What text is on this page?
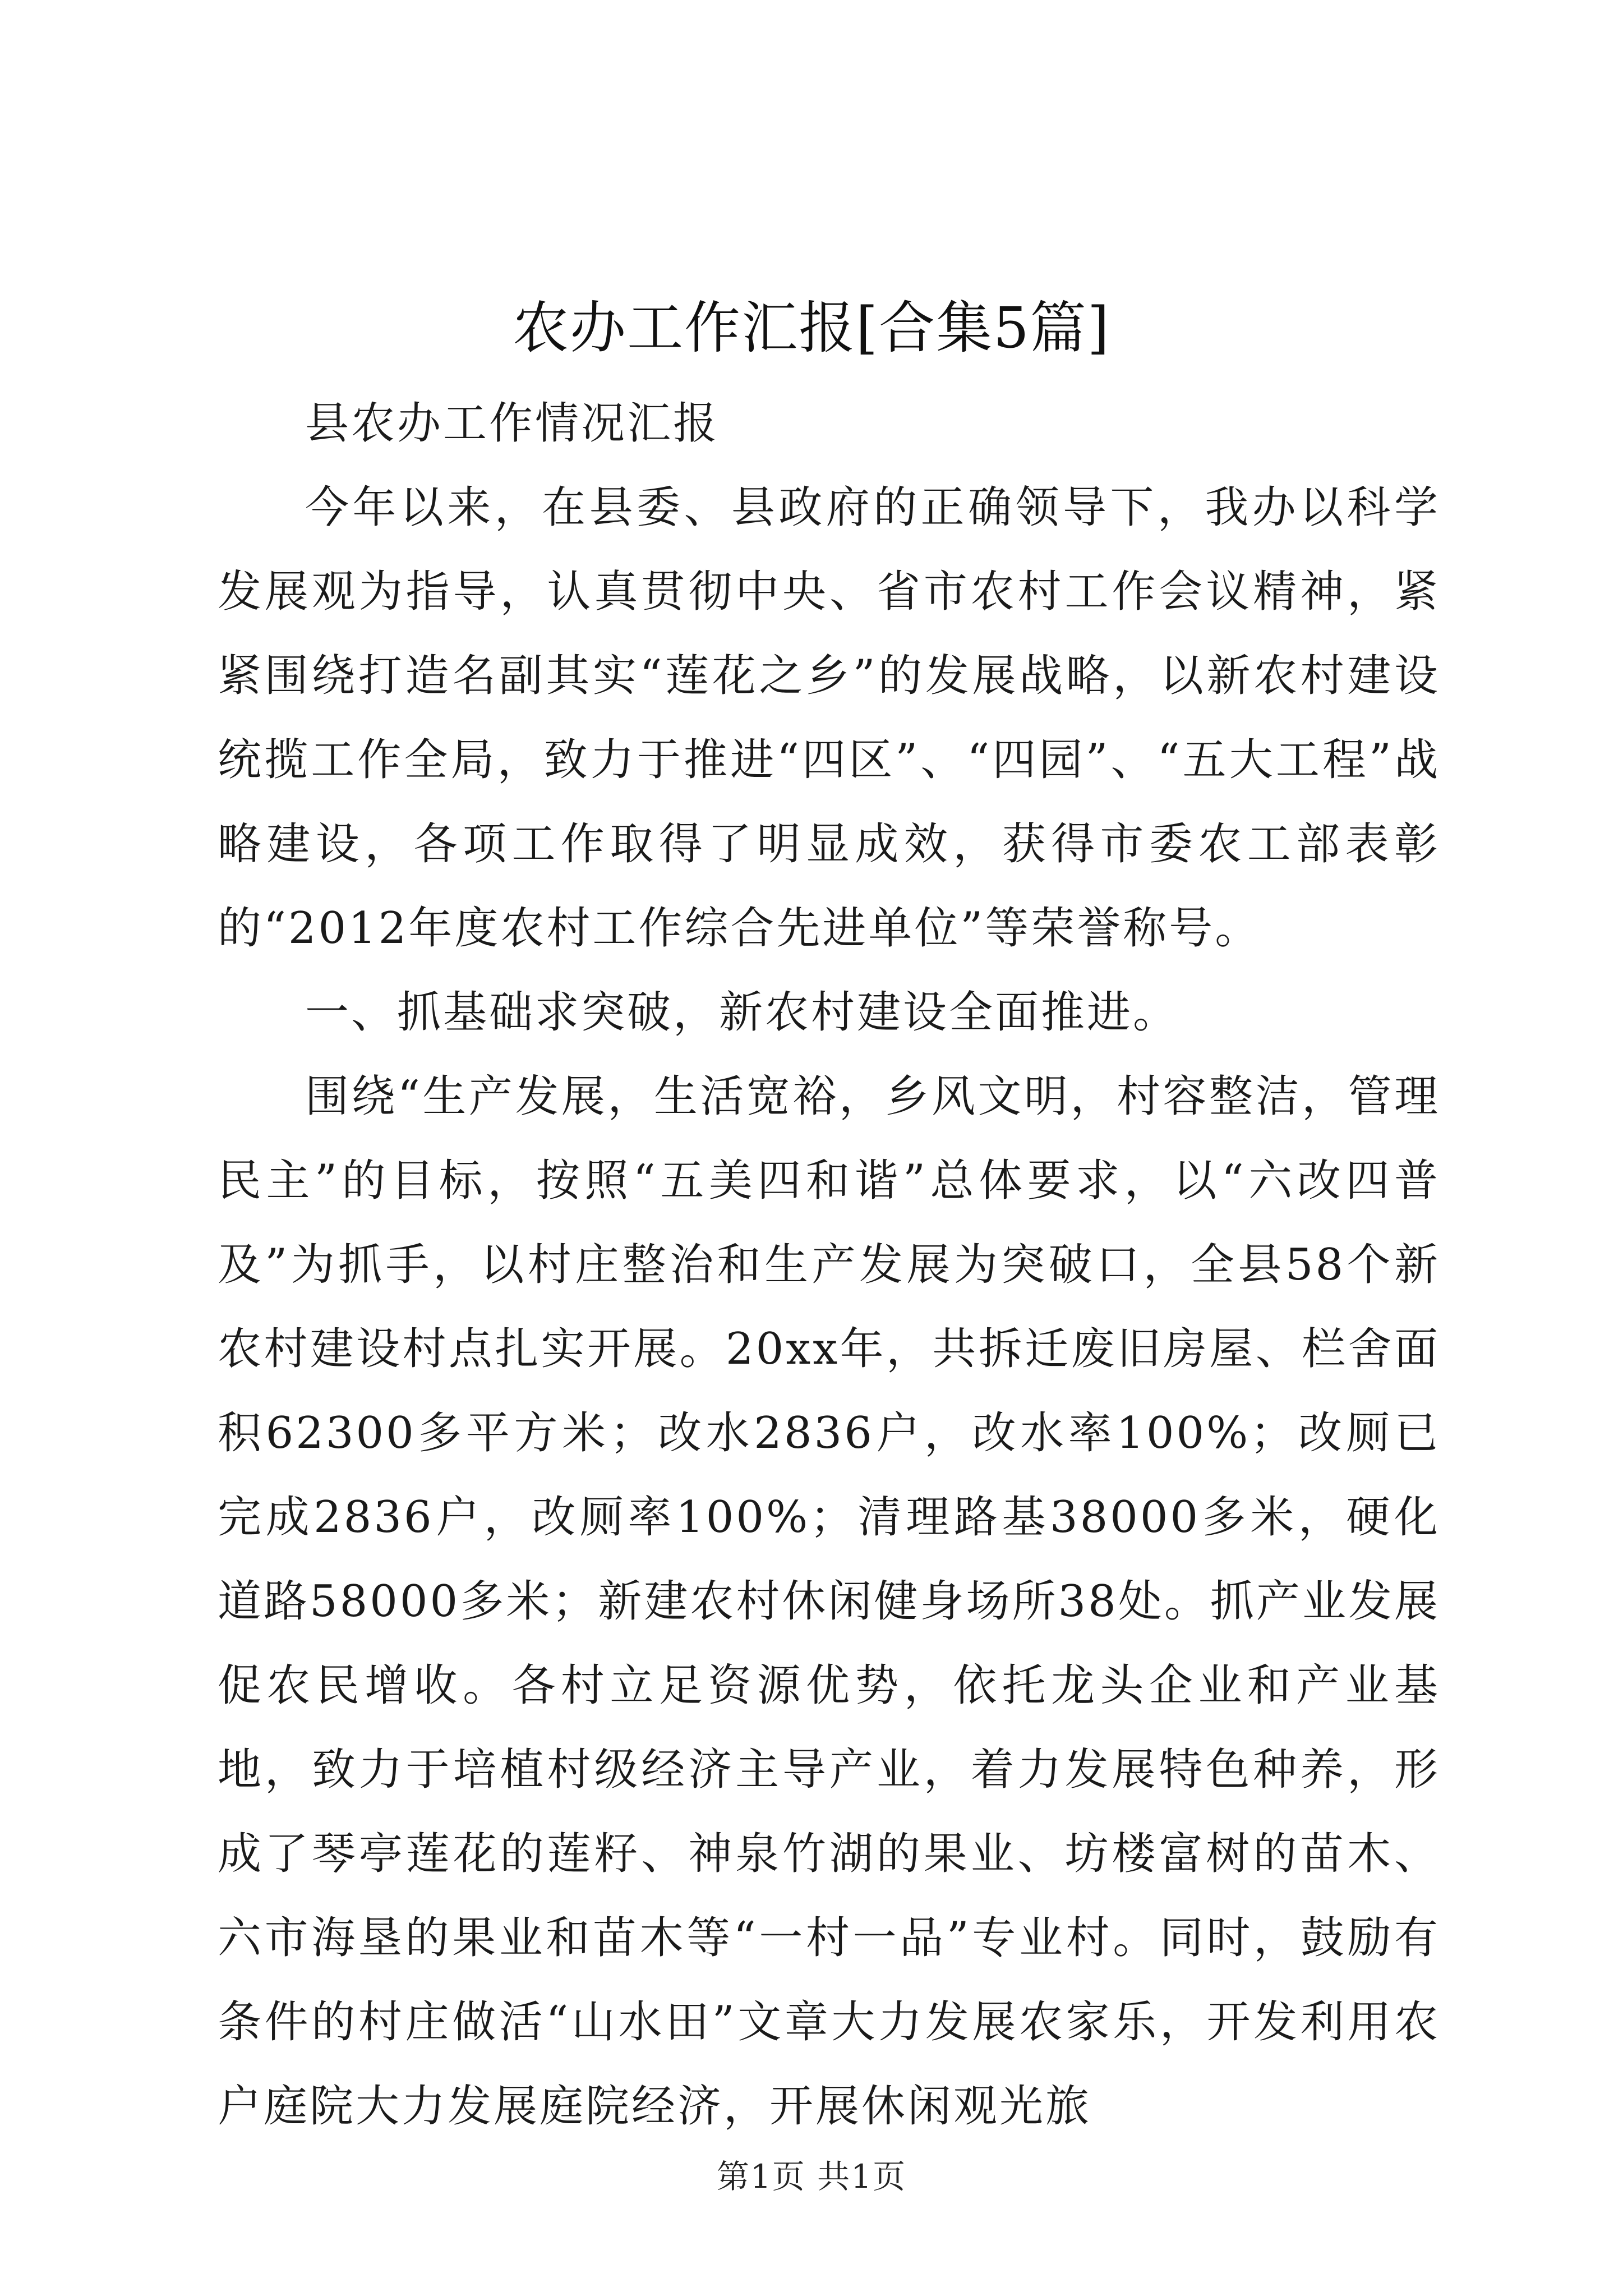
农办工作汇报[合集5篇]

县农办工作情况汇报

今年以来，在县委、县政府的正确领导下，我办以科学发展观为指导，认真贯彻中央、省市农村工作会议精神，紧紧围绕打造名副其实“莲花之乡”的发展战略，以新农村建设统揽工作全局，致力于推进“四区”、“四园”、“五大工程”战略建设，各项工作取得了明显成效，获得市委农工部表彰的“2012年度农村工作综合先进单位”等荣誉称号。

一、抓基础求突破，新农村建设全面推进。

围绕“生产发展，生活宽裕，乡风文明，村容整洁，管理民主”的目标，按照“五美四和谐”总体要求，以“六改四普及”为抓手，以村庄整治和生产发展为突破口，全县58个新农村建设村点扎实开展。20xx年，共拆迁废旧房屋、栏舍面积62300多平方米；改水2836户，改水率100%；改厕已完成2836户，改厕率100%；清理路基38000多米，硬化道路58000多米；新建农村休闲健身场所38处。抓产业发展促农民增收。各村立足资源优势，依托龙头企业和产业基地，致力于培植村级经济主导产业，着力发展特色种养，形成了琴亭莲花的莲籽、神泉竹湖的果业、坊楼富树的苗木、六市海垦的果业和苗木等“一村一品”专业村。同时，鼓励有条件的村庄做活“山水田”文章大力发展农家乐，开发利用农户庭院大力发展庭院经济，开展休闲观光旅

第1页 共1页
